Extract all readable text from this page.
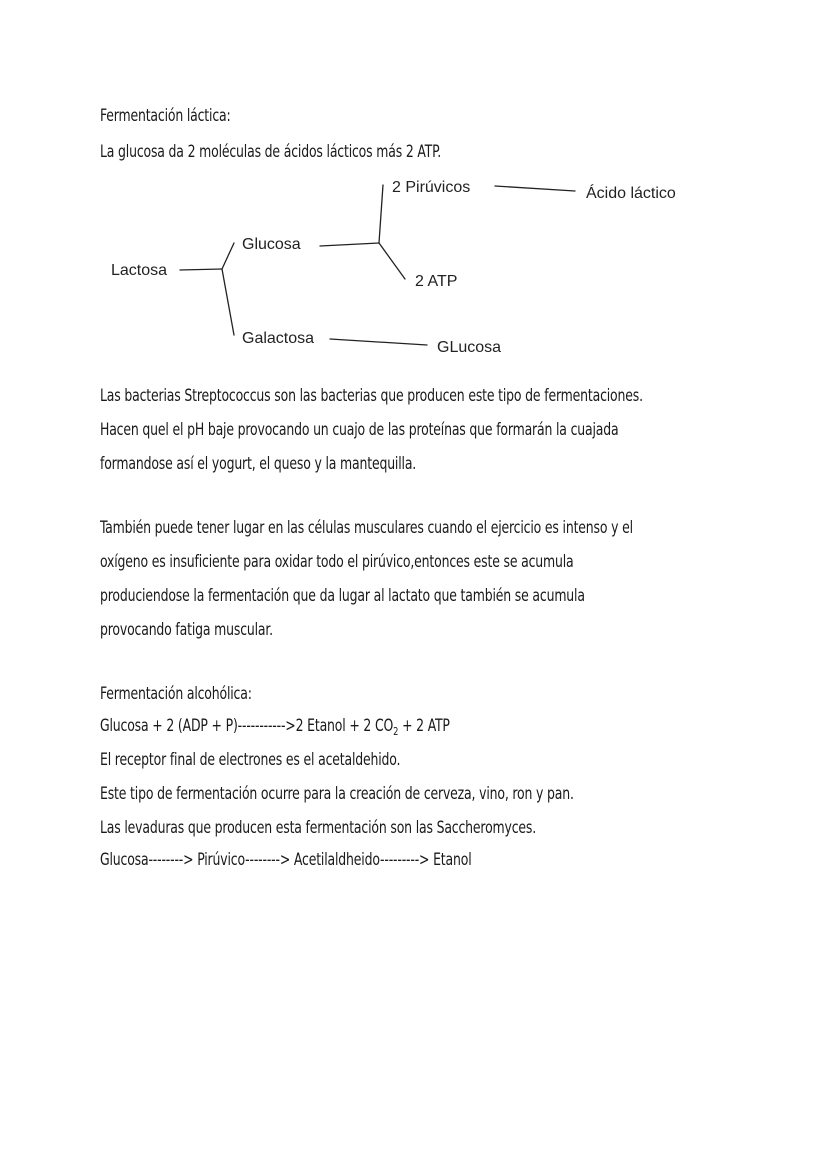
Fermentación láctica:

La glucosa da 2 moléculas de ácidos lácticos más 2 ATP.

Lactosa

Glucosa

Galactosa

2 Pirúvicos	Ácido láctico

2 ATP

GLucosa

Las bacterias Streptococcus son las bacterias que producen este tipo de fermentaciones.

Hacen quel el pH baje provocando un cuajo de las proteínas que formarán la cuajada

formandose así el yogurt, el queso y la mantequilla.

También puede tener lugar en las células musculares cuando el ejercicio es intenso y el

oxígeno es insuficiente para oxidar todo el pirúvico,entonces este se acumula

produciendose la fermentación que da lugar al lactato que también se acumula

provocando fatiga muscular.

Fermentación alcohólica:

Glucosa + 2 (ADP + P)----------->2 Etanol + 2 $CO_2 + 2$ ATP

El receptor final de electrones es el acetaldehido.

Este tipo de fermentación ocurre para la creación de cerveza, vino, ron y pan.

Las levaduras que producen esta fermentación son las Saccheromyces.

Glucosa--------> Pirúvico--------> Acetilaldheido---------> Etanol
